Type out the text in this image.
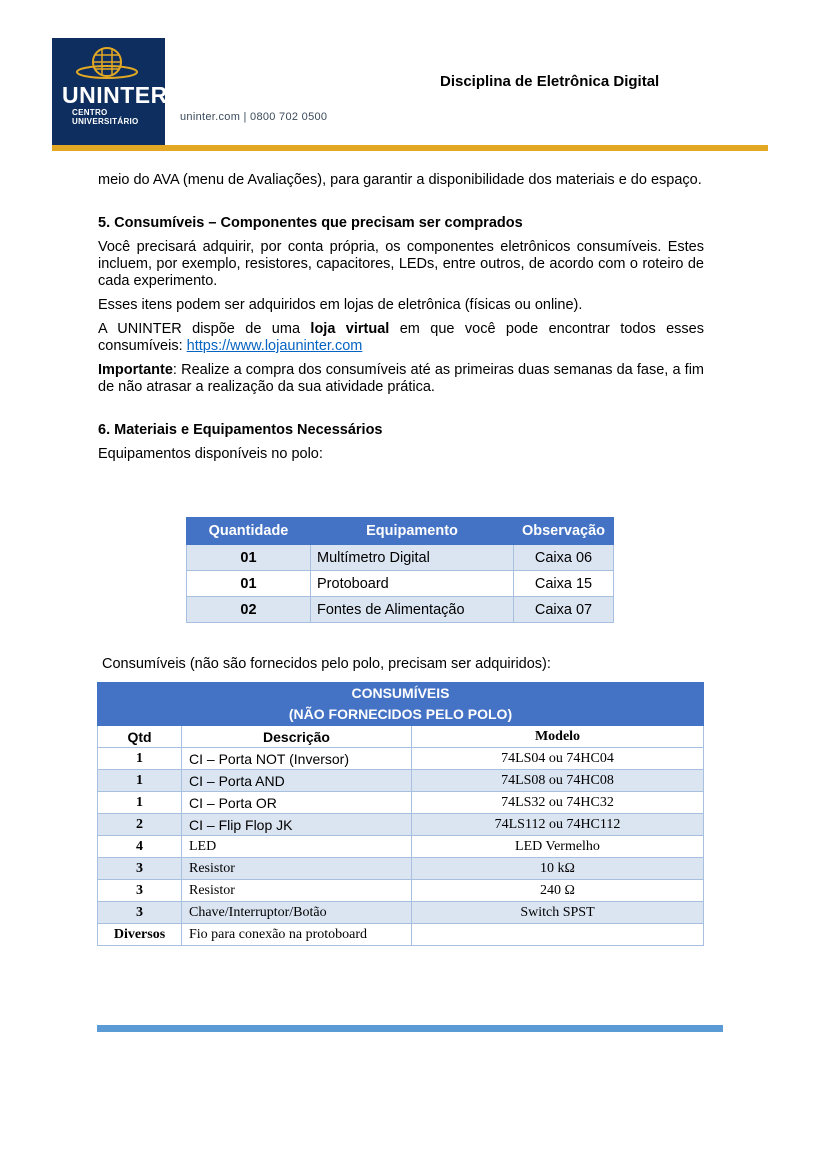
UNINTER
CENTRO
UNIVERSITÁRIO	uninter.com | 0800 702 0500
Disciplina de Eletrônica Digital

meio do AVA (menu de Avaliações), para garantir a disponibilidade dos materiais e do espaço.

5. Consumíveis – Componentes que precisam ser comprados

Você precisará adquirir, por conta própria, os componentes eletrônicos consumíveis. Estes incluem, por exemplo, resistores, capacitores, LEDs, entre outros, de acordo com o roteiro de cada experimento.

Esses itens podem ser adquiridos em lojas de eletrônica (físicas ou online).

A UNINTER dispõe de uma loja virtual em que você pode encontrar todos esses consumíveis: https://www.lojauninter.com

Importante: Realize a compra dos consumíveis até as primeiras duas semanas da fase, a fim de não atrasar a realização da sua atividade prática.

6. Materiais e Equipamentos Necessários

Equipamentos disponíveis no polo:

Quantidade	Equipamento	Observação
01	Multímetro Digital	Caixa 06
01	Protoboard	Caixa 15
02	Fontes de Alimentação	Caixa 07
Consumíveis (não são fornecidos pelo polo, precisam ser adquiridos):
CONSUMÍVEIS
(NÃO FORNECIDOS PELO POLO)		

Qtd	Descrição	Modelo
1	CI – Porta NOT (Inversor)	74LS04 ou 74HC04
1	CI – Porta AND	74LS08 ou 74HC08
1	CI – Porta OR	74LS32 ou 74HC32
2	CI – Flip Flop JK	74LS112 ou 74HC112
4	LED	LED Vermelho
3	Resistor	10 kΩ
3	Resistor	240 Ω
3	Chave/Interruptor/Botão	Switch SPST
Diversos	Fio para conexão na protoboard	
